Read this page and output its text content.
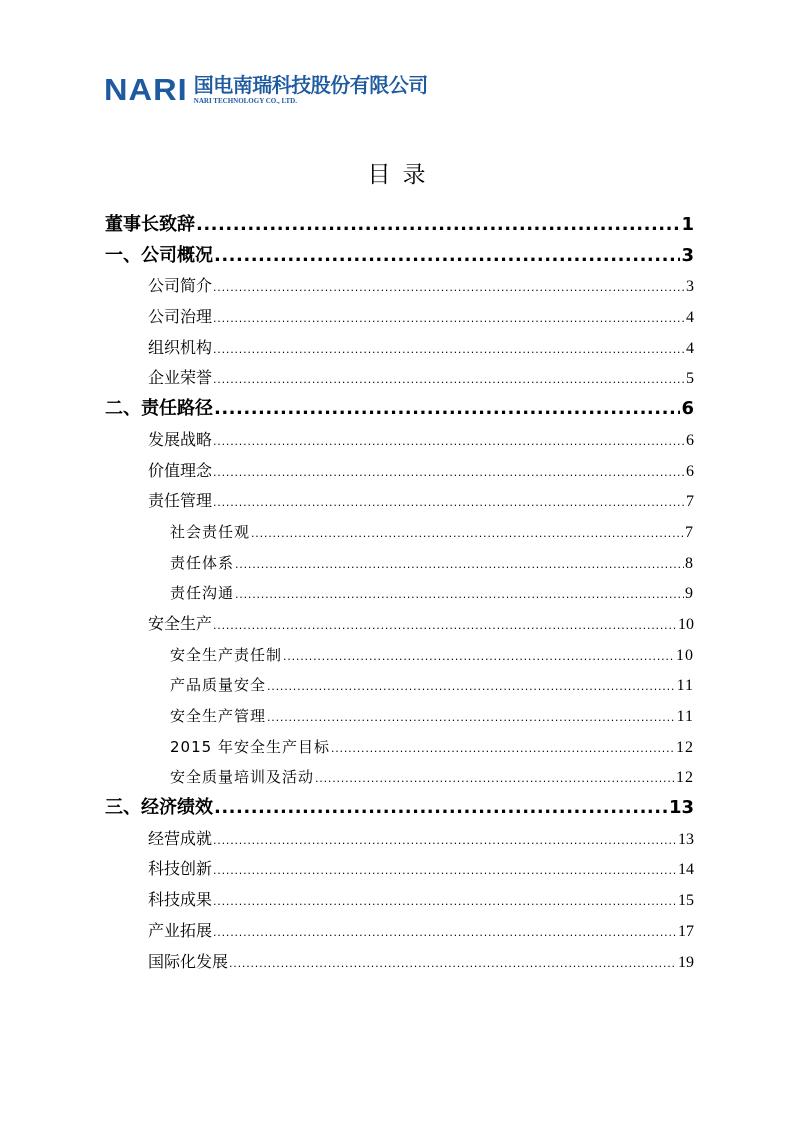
NARI 国电南瑞科技股份有限公司
NARI TECHNOLOGY CO., LTD.
目录
董事长致辞 .....	1
一、公司概况 .....	3
公司简介 .....	3
公司治理 .....	4
组织机构 .....	4
企业荣誉 .....	5
二、责任路径 .....	6
发展战略 .....	6
价值理念 .....	6
责任管理 .....	7
社会责任观 .....	7
责任体系 .....	8
责任沟通 .....	9
安全生产 .....	10
安全生产责任制 .....	10
产品质量安全 .....	11
安全生产管理 .....	11
2015 年安全生产目标 .....	12
安全质量培训及活动 .....	12
三、经济绩效 .....	13
经营成就 .....	13
科技创新 .....	14
科技成果 .....	15
产业拓展 .....	17
国际化发展 .....	19
